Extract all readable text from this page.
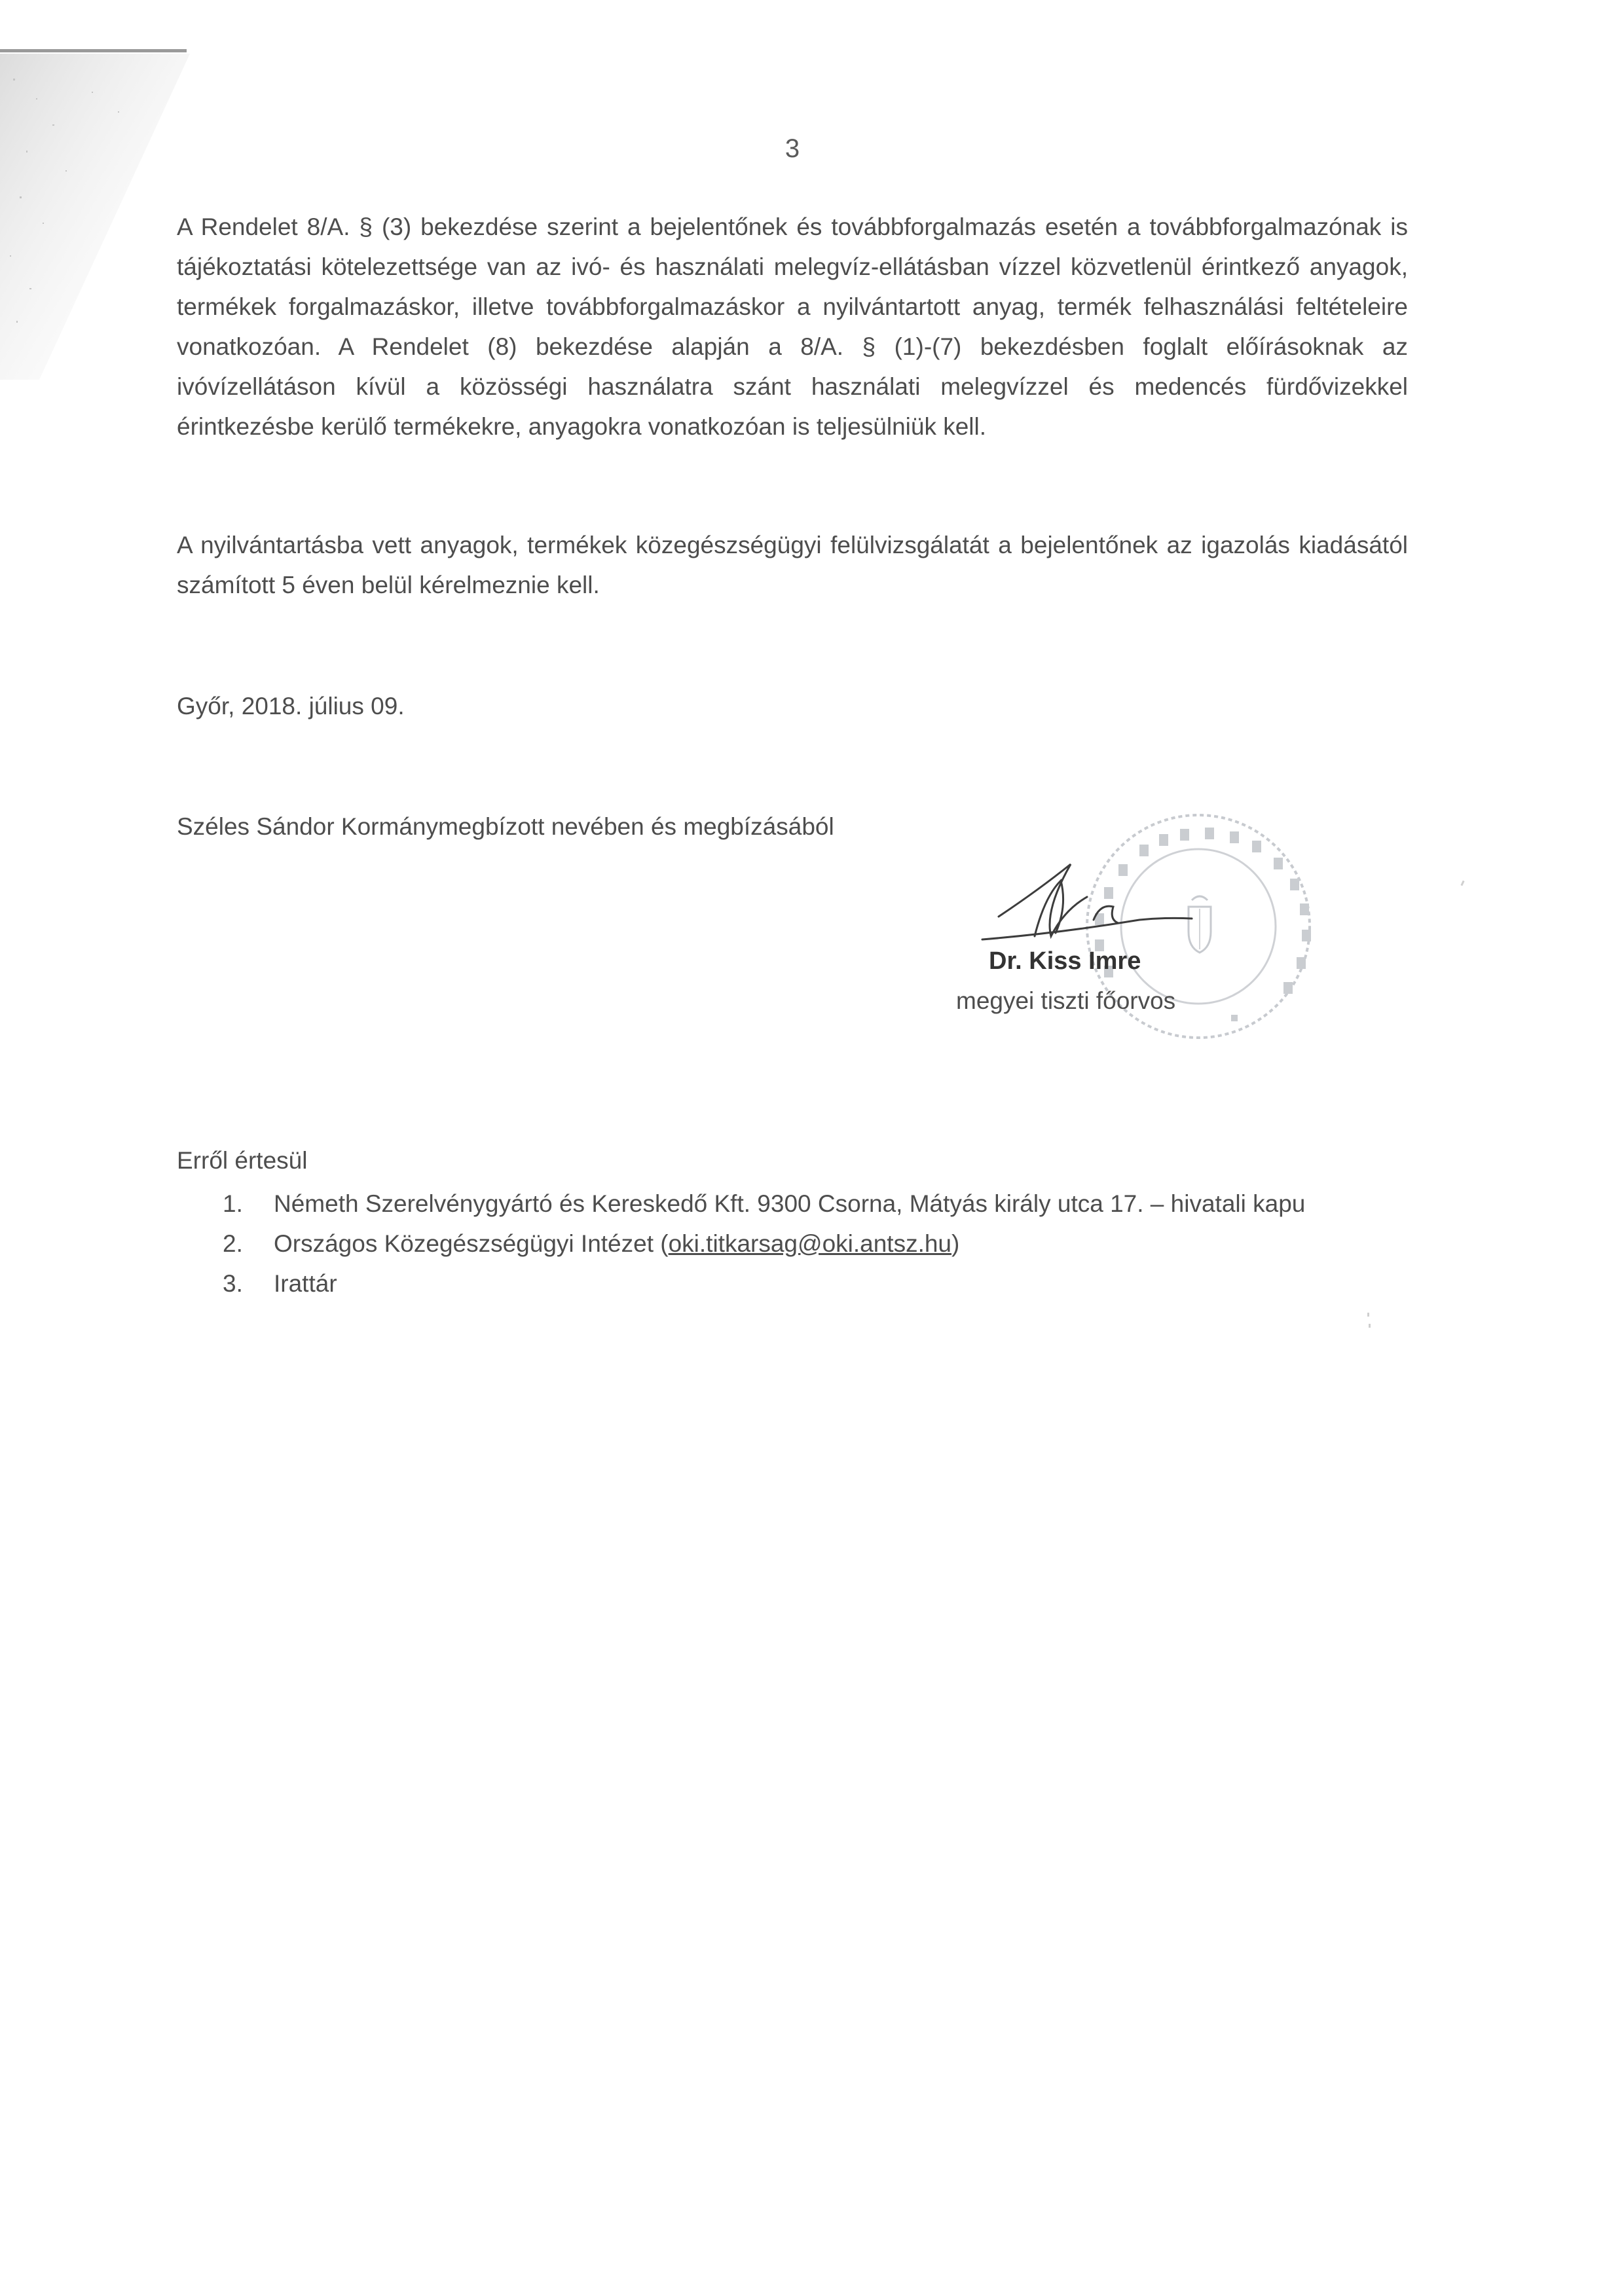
3

A Rendelet 8/A. § (3) bekezdése szerint a bejelentőnek és továbbforgalmazás esetén a továbbforgalmazónak is tájékoztatási kötelezettsége van az ivó- és használati melegvíz-ellátásban vízzel közvetlenül érintkező anyagok, termékek forgalmazáskor, illetve továbbforgalmazáskor a nyilvántartott anyag, termék felhasználási feltételeire vonatkozóan. A Rendelet (8) bekezdése alapján a 8/A. § (1)-(7) bekezdésben foglalt előírásoknak az ivóvízellátáson kívül a közösségi használatra szánt használati melegvízzel és medencés fürdővizekkel érintkezésbe kerülő termékekre, anyagokra vonatkozóan is teljesülniük kell.

A nyilvántartásba vett anyagok, termékek közegészségügyi felülvizsgálatát a bejelentőnek az igazolás kiadásától számított 5 éven belül kérelmeznie kell.

Győr, 2018. július 09.
Széles Sándor Kormánymegbízott nevében és megbízásából
Dr. Kiss Imre
megyei tiszti főorvos
Erről értesül
1.	Németh Szerelvénygyártó és Kereskedő Kft. 9300 Csorna, Mátyás király utca 17. – hivatali kapu
2.	Országos Közegészségügyi Intézet (oki.titkarsag@oki.antsz.hu)
3.	Irattár
